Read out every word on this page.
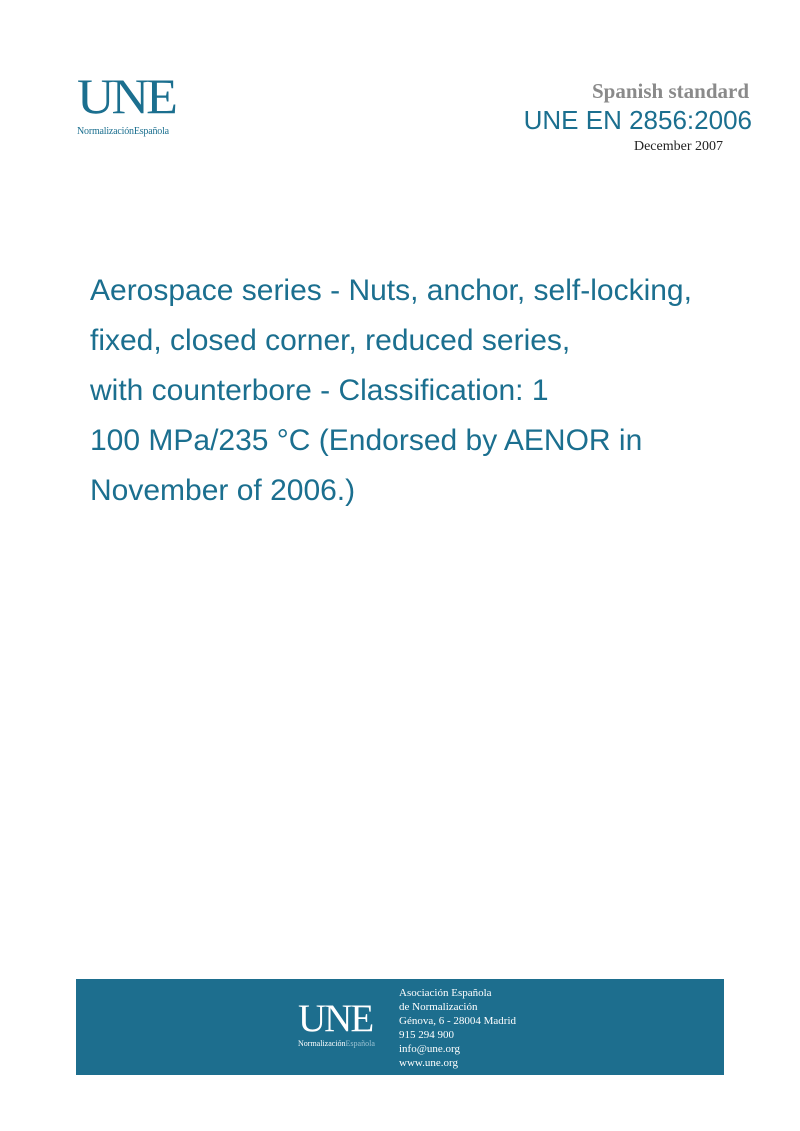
UNE
NormalizaciónEspañola
Spanish standard
UNE EN 2856:2006
December 2007
Aerospace series - Nuts, anchor, self-locking,
fixed, closed corner, reduced series,
with counterbore - Classification: 1
100 MPa/235 °C (Endorsed by AENOR in
November of 2006.)
UNE
NormalizaciónEspañola
Asociación Española
de Normalización
Génova, 6 - 28004 Madrid
915 294 900
info@une.org
www.une.org
